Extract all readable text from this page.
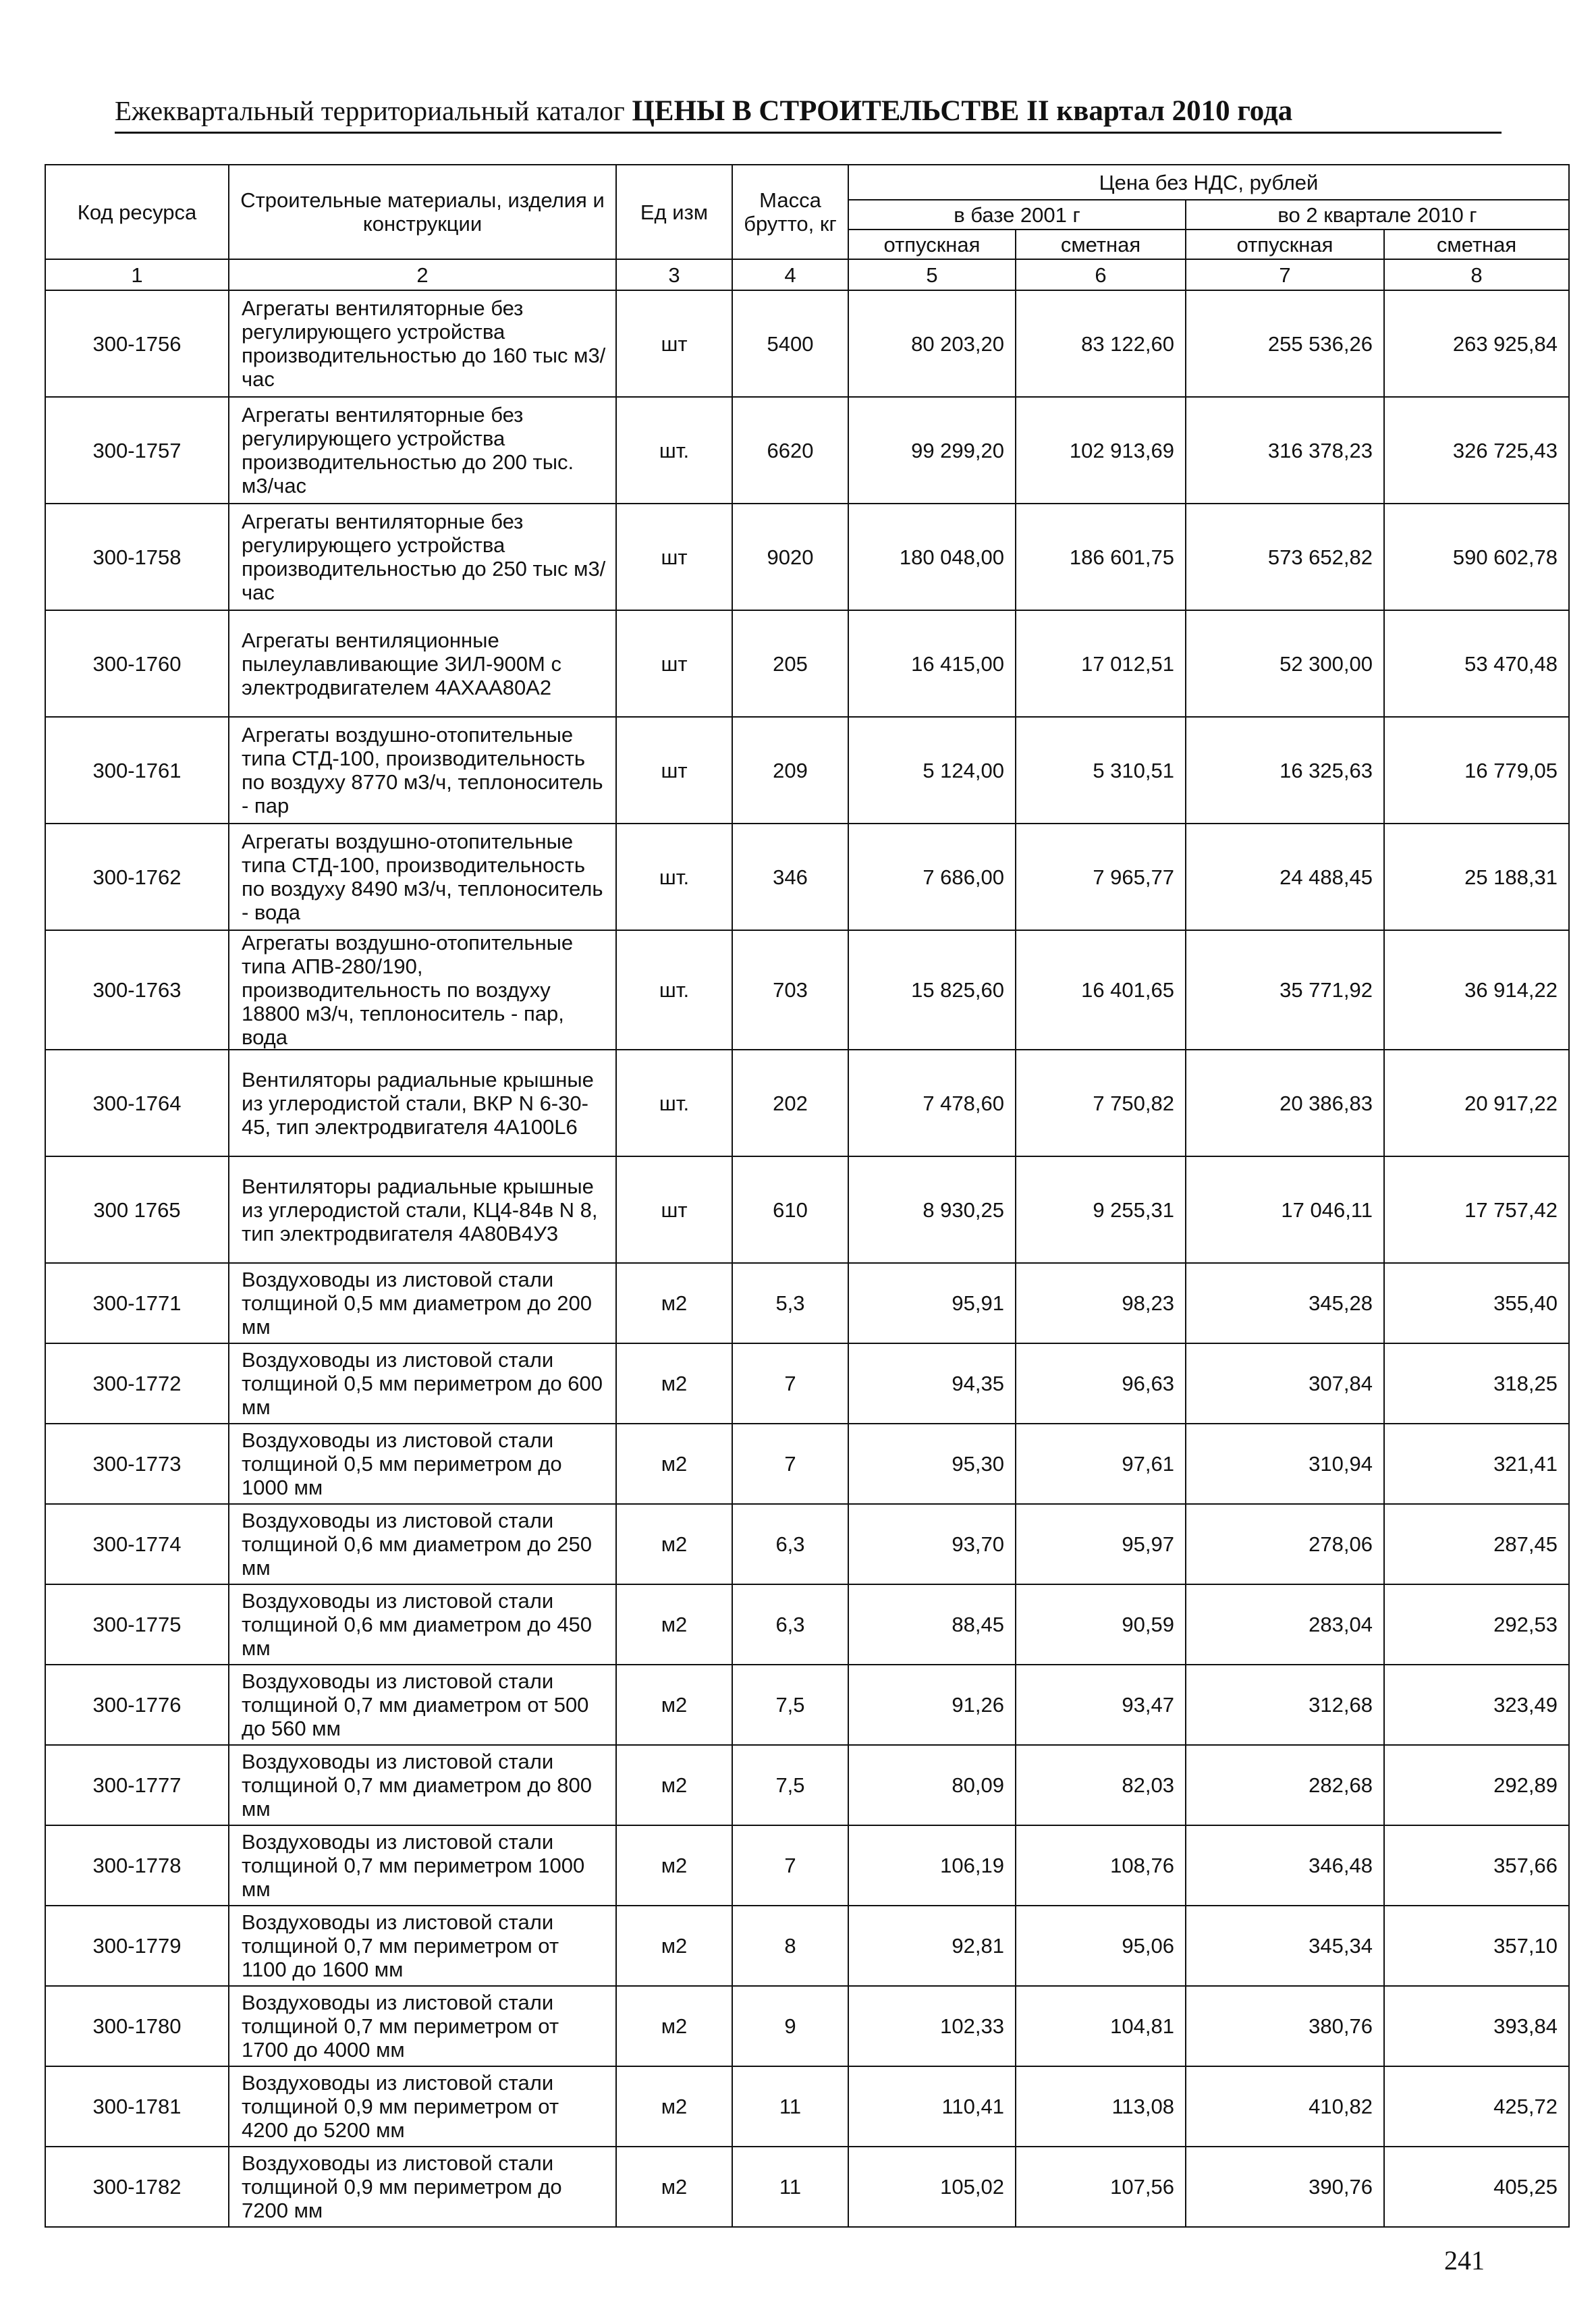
Ежеквартальный территориальный каталог ЦЕНЫ В СТРОИТЕЛЬСТВЕ II квартал 2010 года
Код ресурса	Строительные материалы, изделия и конструкции	Ед изм	Масса брутто, кг	Цена без НДС, рублей			
				в базе 2001 г		во 2 квартале 2010 г	
				отпускная	сметная	отпускная	сметная
1	2	3	4	5	6	7	8
300-1756	Агрегаты вентиляторные без регулирующего устройства производительностью до 160 тыс м3/час	шт	5400	80 203,20	83 122,60	255 536,26	263 925,84
300-1757	Агрегаты вентиляторные без регулирующего устройства производительностью до 200 тыс. м3/час	шт.	6620	99 299,20	102 913,69	316 378,23	326 725,43
300-1758	Агрегаты вентиляторные без регулирующего устройства производительностью до 250 тыс м3/час	шт	9020	180 048,00	186 601,75	573 652,82	590 602,78
300-1760	Агрегаты вентиляционные пылеулавливающие ЗИЛ-900М с электродвигателем 4АХАА80А2	шт	205	16 415,00	17 012,51	52 300,00	53 470,48
300-1761	Агрегаты воздушно-отопительные типа СТД-100, производительность по воздуху 8770 м3/ч, теплоноситель - пар	шт	209	5 124,00	5 310,51	16 325,63	16 779,05
300-1762	Агрегаты воздушно-отопительные типа СТД-100, производительность по воздуху 8490 м3/ч, теплоноситель - вода	шт.	346	7 686,00	7 965,77	24 488,45	25 188,31
300-1763	Агрегаты воздушно-отопительные типа АПВ-280/190, производительность по воздуху 18800 м3/ч, теплоноситель - пар, вода	шт.	703	15 825,60	16 401,65	35 771,92	36 914,22
300-1764	Вентиляторы радиальные крышные из углеродистой стали, ВКР N 6-30-45, тип электродвигателя 4А100L6	шт.	202	7 478,60	7 750,82	20 386,83	20 917,22
300 1765	Вентиляторы радиальные крышные из углеродистой стали, КЦ4-84в N 8, тип электродвигателя 4А80В4У3	шт	610	8 930,25	9 255,31	17 046,11	17 757,42
300-1771	Воздуховоды из листовой стали толщиной 0,5 мм диаметром до 200 мм	м2	5,3	95,91	98,23	345,28	355,40
300-1772	Воздуховоды из листовой стали толщиной 0,5 мм периметром до 600 мм	м2	7	94,35	96,63	307,84	318,25
300-1773	Воздуховоды из листовой стали толщиной 0,5 мм периметром до 1000 мм	м2	7	95,30	97,61	310,94	321,41
300-1774	Воздуховоды из листовой стали толщиной 0,6 мм диаметром до 250 мм	м2	6,3	93,70	95,97	278,06	287,45
300-1775	Воздуховоды из листовой стали толщиной 0,6 мм диаметром до 450 мм	м2	6,3	88,45	90,59	283,04	292,53
300-1776	Воздуховоды из листовой стали толщиной 0,7 мм диаметром от 500 до 560 мм	м2	7,5	91,26	93,47	312,68	323,49
300-1777	Воздуховоды из листовой стали толщиной 0,7 мм диаметром до 800 мм	м2	7,5	80,09	82,03	282,68	292,89
300-1778	Воздуховоды из листовой стали толщиной 0,7 мм периметром 1000 мм	м2	7	106,19	108,76	346,48	357,66
300-1779	Воздуховоды из листовой стали толщиной 0,7 мм периметром от 1100 до 1600 мм	м2	8	92,81	95,06	345,34	357,10
300-1780	Воздуховоды из листовой стали толщиной 0,7 мм периметром от 1700 до 4000 мм	м2	9	102,33	104,81	380,76	393,84
300-1781	Воздуховоды из листовой стали толщиной 0,9 мм периметром от 4200 до 5200 мм	м2	11	110,41	113,08	410,82	425,72
300-1782	Воздуховоды из листовой стали толщиной 0,9 мм периметром до 7200 мм	м2	11	105,02	107,56	390,76	405,25
241
